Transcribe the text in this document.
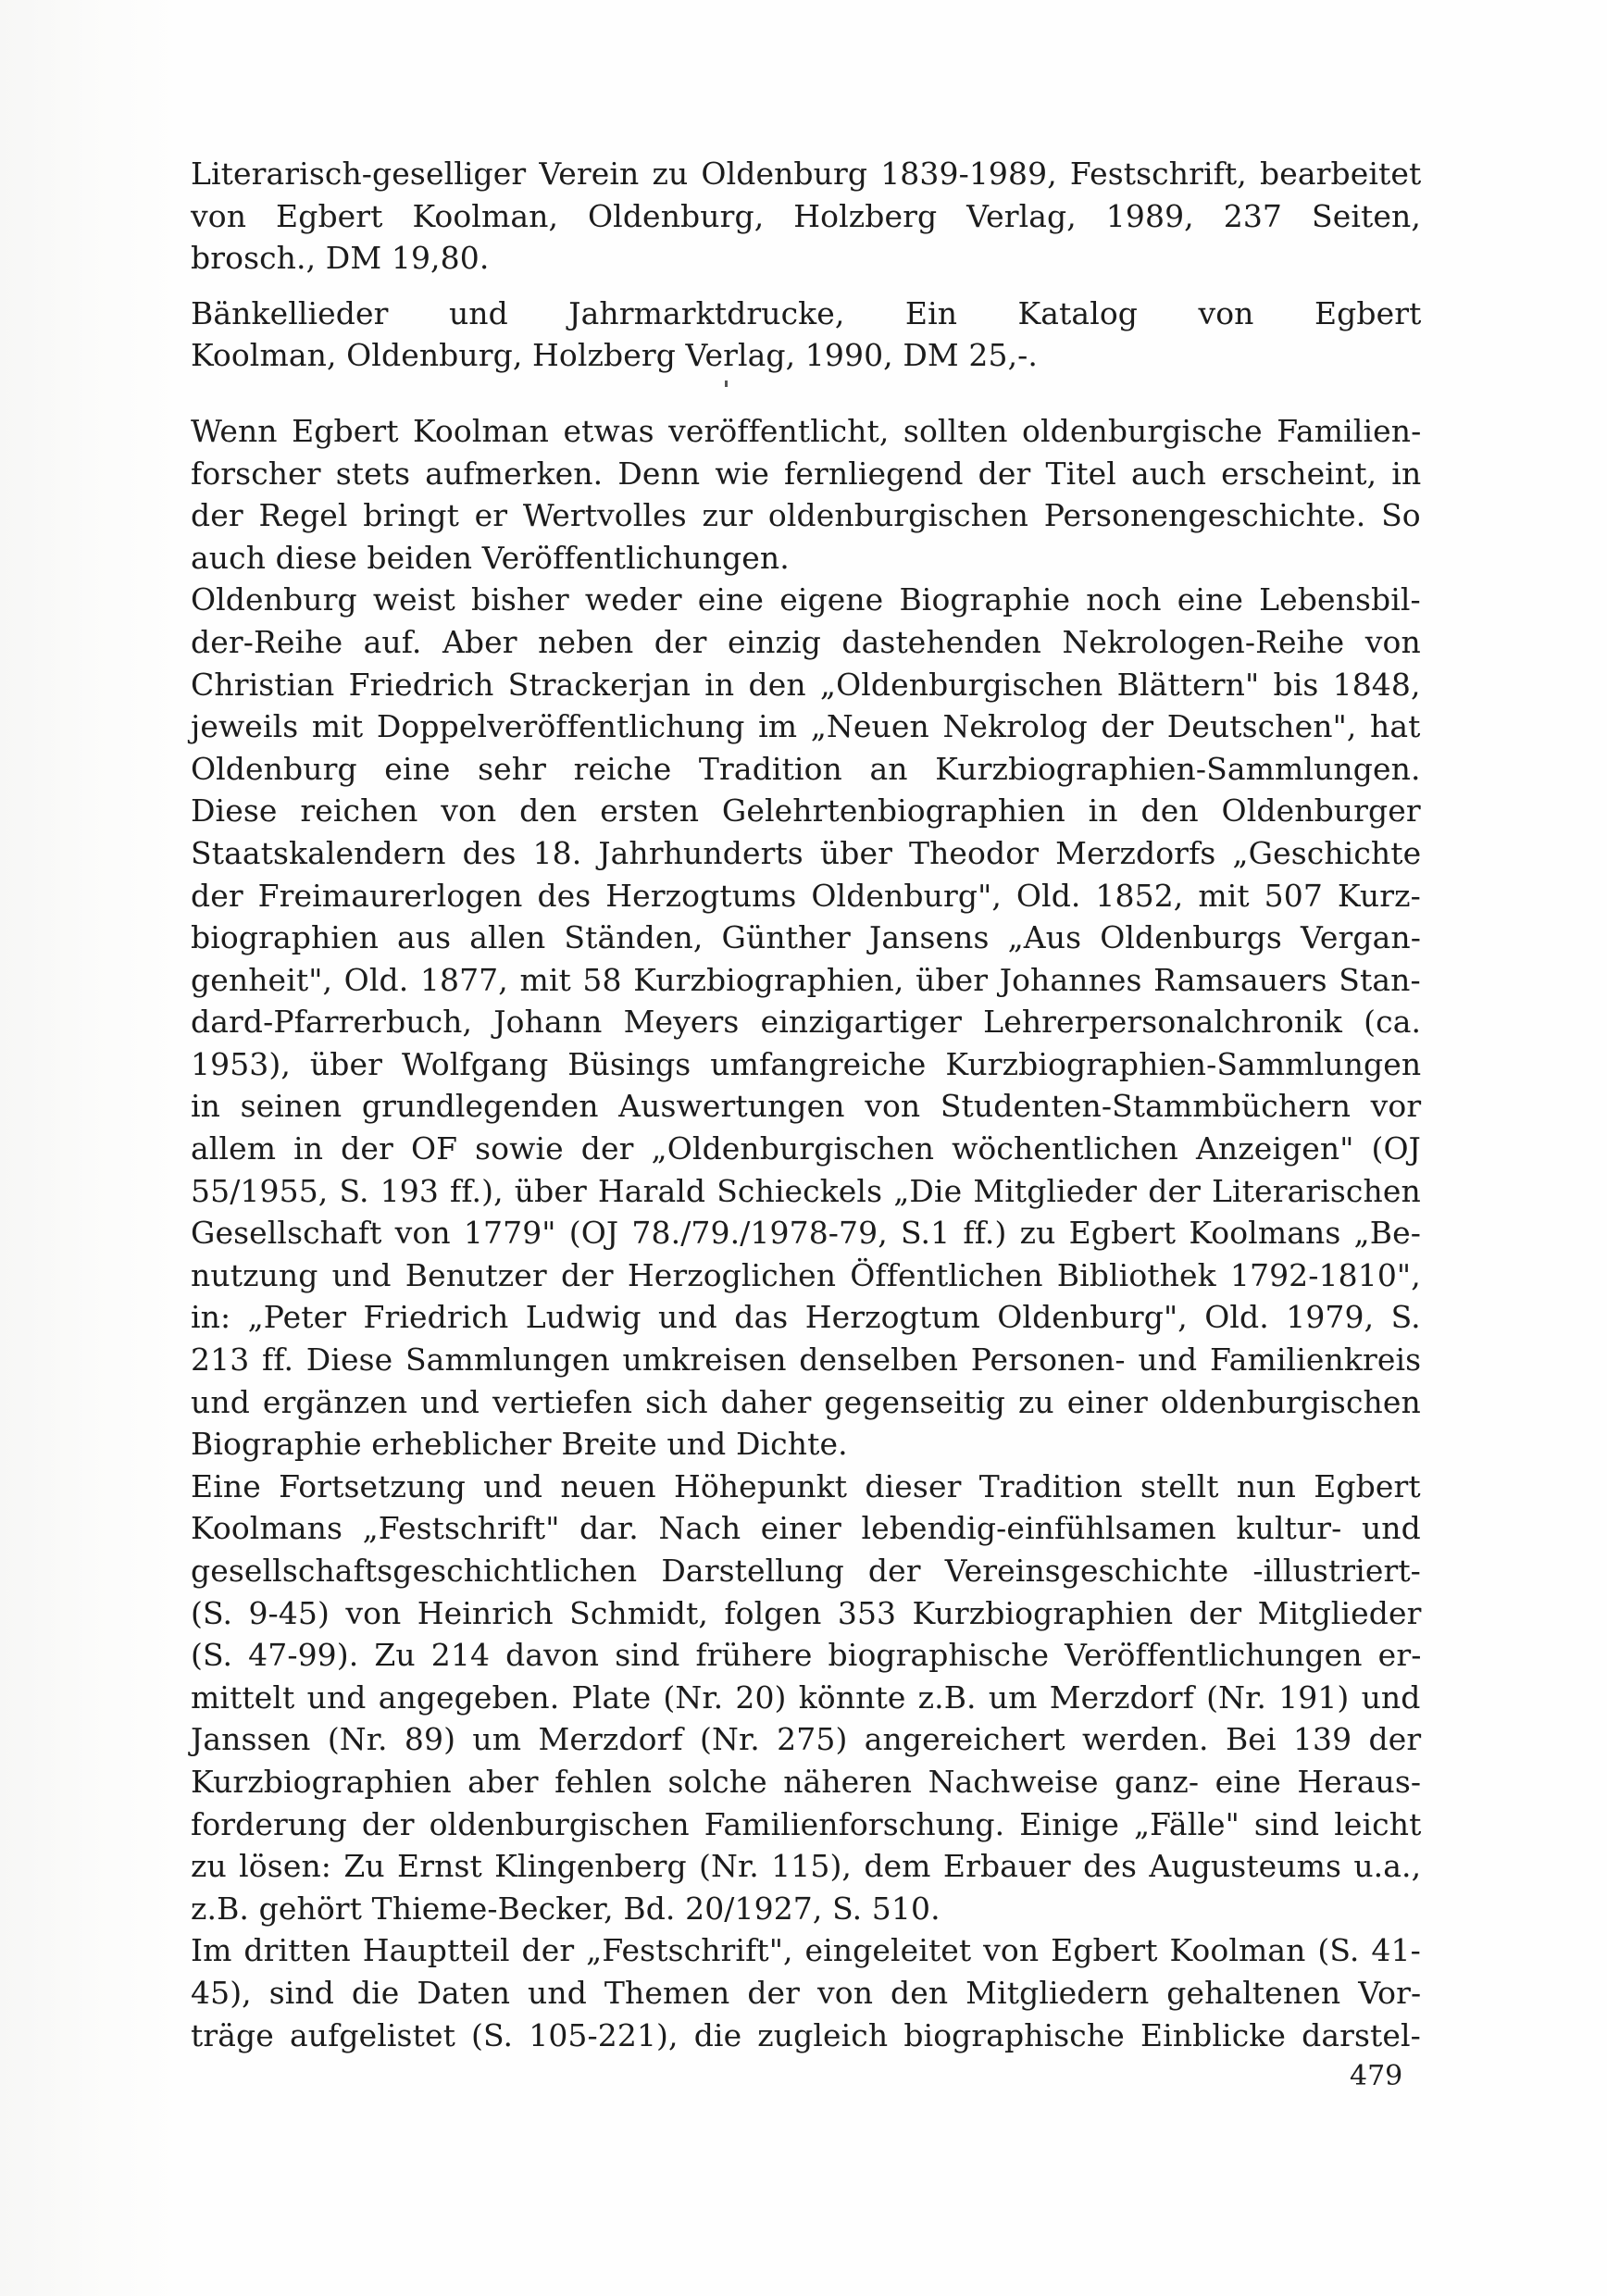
Literarisch-geselliger Verein zu Oldenburg 1839-1989, Festschrift, bearbeitet
von Egbert Koolman, Oldenburg, Holzberg Verlag, 1989, 237 Seiten,
brosch., DM 19,80.
Bänkellieder und Jahrmarktdrucke, Ein Katalog von Egbert
Koolman, Oldenburg, Holzberg Verlag, 1990, DM 25,-.
Wenn Egbert Koolman etwas veröffentlicht, sollten oldenburgische Familien-
forscher stets aufmerken. Denn wie fernliegend der Titel auch erscheint, in
der Regel bringt er Wertvolles zur oldenburgischen Personengeschichte. So
auch diese beiden Veröffentlichungen.
Oldenburg weist bisher weder eine eigene Biographie noch eine Lebensbil-
der-Reihe auf. Aber neben der einzig dastehenden Nekrologen-Reihe von
Christian Friedrich Strackerjan in den „Oldenburgischen Blättern" bis 1848,
jeweils mit Doppelveröffentlichung im „Neuen Nekrolog der Deutschen", hat
Oldenburg eine sehr reiche Tradition an Kurzbiographien-Sammlungen.
Diese reichen von den ersten Gelehrtenbiographien in den Oldenburger
Staatskalendern des 18. Jahrhunderts über Theodor Merzdorfs „Geschichte
der Freimaurerlogen des Herzogtums Oldenburg", Old. 1852, mit 507 Kurz-
biographien aus allen Ständen, Günther Jansens „Aus Oldenburgs Vergan-
genheit", Old. 1877, mit 58 Kurzbiographien, über Johannes Ramsauers Stan-
dard-Pfarrerbuch, Johann Meyers einzigartiger Lehrerpersonalchronik (ca.
1953), über Wolfgang Büsings umfangreiche Kurzbiographien-Sammlungen
in seinen grundlegenden Auswertungen von Studenten-Stammbüchern vor
allem in der OF sowie der „Oldenburgischen wöchentlichen Anzeigen" (OJ
55/1955, S. 193 ff.), über Harald Schieckels „Die Mitglieder der Literarischen
Gesellschaft von 1779" (OJ 78./79./1978-79, S.1 ff.) zu Egbert Koolmans „Be-
nutzung und Benutzer der Herzoglichen Öffentlichen Bibliothek 1792-1810",
in: „Peter Friedrich Ludwig und das Herzogtum Oldenburg", Old. 1979, S.
213 ff. Diese Sammlungen umkreisen denselben Personen- und Familienkreis
und ergänzen und vertiefen sich daher gegenseitig zu einer oldenburgischen
Biographie erheblicher Breite und Dichte.
Eine Fortsetzung und neuen Höhepunkt dieser Tradition stellt nun Egbert
Koolmans „Festschrift" dar. Nach einer lebendig-einfühlsamen kultur- und
gesellschaftsgeschichtlichen Darstellung der Vereinsgeschichte -illustriert-
(S. 9-45) von Heinrich Schmidt, folgen 353 Kurzbiographien der Mitglieder
(S. 47-99). Zu 214 davon sind frühere biographische Veröffentlichungen er-
mittelt und angegeben. Plate (Nr. 20) könnte z.B. um Merzdorf (Nr. 191) und
Janssen (Nr. 89) um Merzdorf (Nr. 275) angereichert werden. Bei 139 der
Kurzbiographien aber fehlen solche näheren Nachweise ganz- eine Heraus-
forderung der oldenburgischen Familienforschung. Einige „Fälle" sind leicht
zu lösen: Zu Ernst Klingenberg (Nr. 115), dem Erbauer des Augusteums u.a.,
z.B. gehört Thieme-Becker, Bd. 20/1927, S. 510.
Im dritten Hauptteil der „Festschrift", eingeleitet von Egbert Koolman (S. 41-
45), sind die Daten und Themen der von den Mitgliedern gehaltenen Vor-
träge aufgelistet (S. 105-221), die zugleich biographische Einblicke darstel-
479
